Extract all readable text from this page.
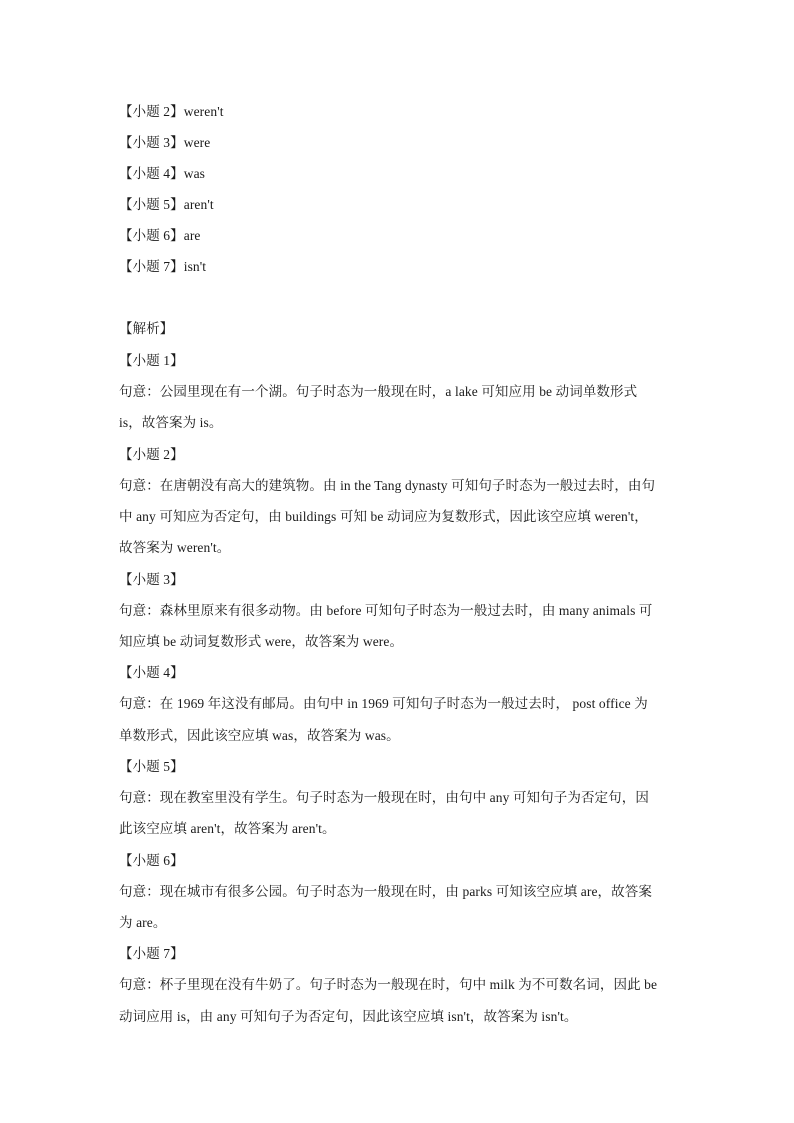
【小题 2】weren't
【小题 3】were
【小题 4】was
【小题 5】aren't
【小题 6】are
【小题 7】isn't
【解析】
【小题 1】
句意：公园里现在有一个湖。句子时态为一般现在时，a lake 可知应用 be 动词单数形式
is，故答案为 is。
【小题 2】
句意：在唐朝没有高大的建筑物。由 in the Tang dynasty 可知句子时态为一般过去时，由句
中 any 可知应为否定句，由 buildings 可知 be 动词应为复数形式，因此该空应填 weren't，
故答案为 weren't。
【小题 3】
句意：森林里原来有很多动物。由 before 可知句子时态为一般过去时，由 many animals 可
知应填 be 动词复数形式 were，故答案为 were。
【小题 4】
句意：在 1969 年这没有邮局。由句中 in 1969 可知句子时态为一般过去时， post office 为
单数形式，因此该空应填 was，故答案为 was。
【小题 5】
句意：现在教室里没有学生。句子时态为一般现在时，由句中 any 可知句子为否定句，因
此该空应填 aren't，故答案为 aren't。
【小题 6】
句意：现在城市有很多公园。句子时态为一般现在时，由 parks 可知该空应填 are，故答案
为 are。
【小题 7】
句意：杯子里现在没有牛奶了。句子时态为一般现在时，句中 milk 为不可数名词，因此 be
动词应用 is，由 any 可知句子为否定句，因此该空应填 isn't，故答案为 isn't。
